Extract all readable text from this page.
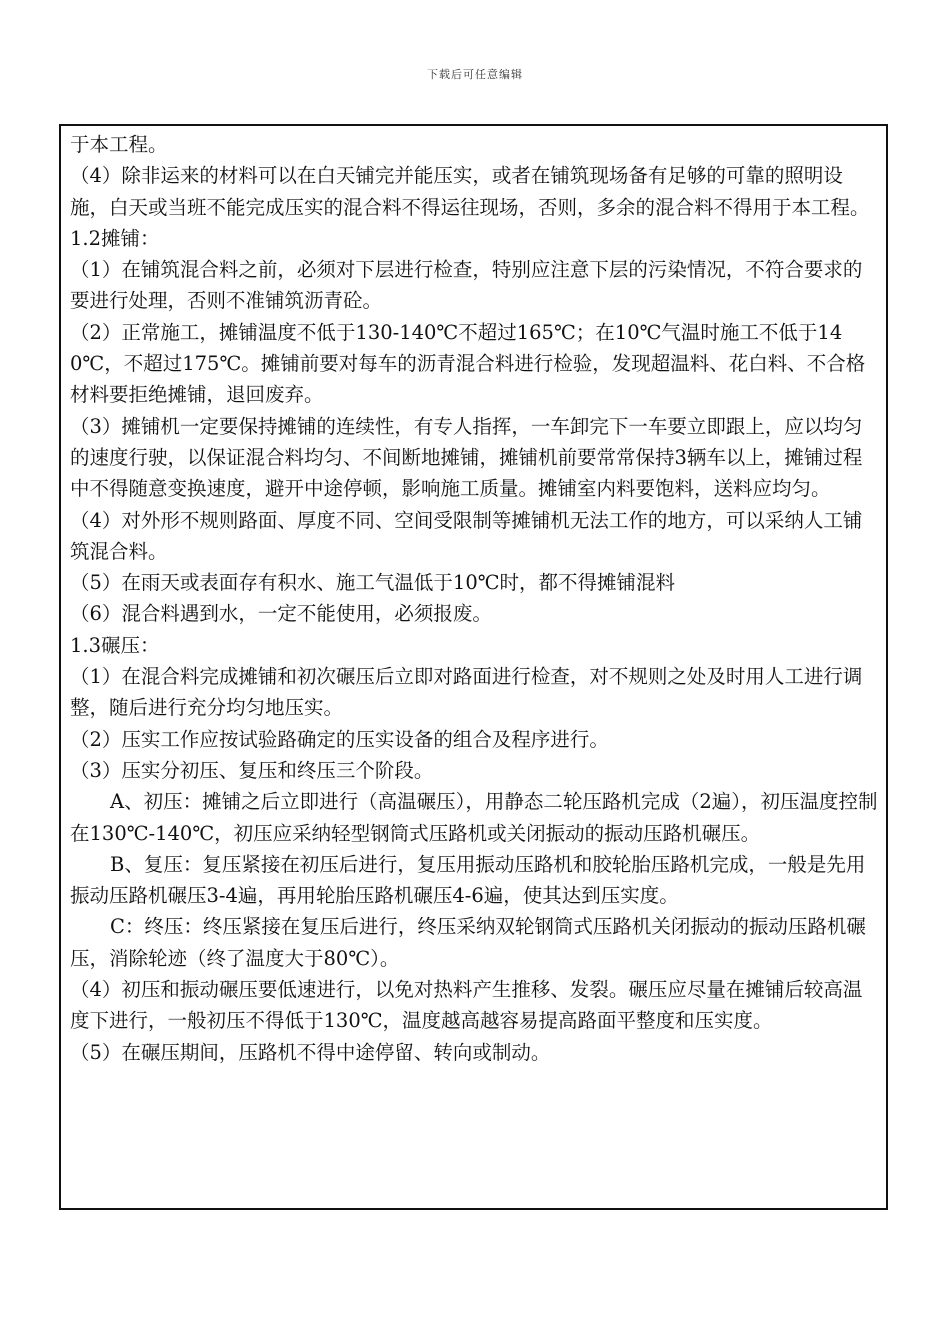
下载后可任意编辑

于本工程。

（4）除非运来的材料可以在白天铺完并能压实，或者在铺筑现场备有足够的可靠的照明设施，白天或当班不能完成压实的混合料不得运往现场，否则，多余的混合料不得用于本工程。

1.2摊铺：

（1）在铺筑混合料之前，必须对下层进行检查，特别应注意下层的污染情况，不符合要求的要进行处理，否则不准铺筑沥青砼。

（2）正常施工，摊铺温度不低于130-140℃不超过165℃；在10℃气温时施工不低于140℃，不超过175℃。摊铺前要对每车的沥青混合料进行检验，发现超温料、花白料、不合格材料要拒绝摊铺，退回废弃。

（3）摊铺机一定要保持摊铺的连续性，有专人指挥，一车卸完下一车要立即跟上，应以均匀的速度行驶，以保证混合料均匀、不间断地摊铺，摊铺机前要常常保持3辆车以上，摊铺过程中不得随意变换速度，避开中途停顿，影响施工质量。摊铺室内料要饱料，送料应均匀。

（4）对外形不规则路面、厚度不同、空间受限制等摊铺机无法工作的地方，可以采纳人工铺筑混合料。

（5）在雨天或表面存有积水、施工气温低于10℃时，都不得摊铺混料

（6）混合料遇到水，一定不能使用，必须报废。

1.3碾压：

（1）在混合料完成摊铺和初次碾压后立即对路面进行检查，对不规则之处及时用人工进行调整，随后进行充分均匀地压实。

（2）压实工作应按试验路确定的压实设备的组合及程序进行。

（3）压实分初压、复压和终压三个阶段。

A、初压：摊铺之后立即进行（高温碾压），用静态二轮压路机完成（2遍），初压温度控制在130℃-140℃，初压应采纳轻型钢筒式压路机或关闭振动的振动压路机碾压。

B、复压：复压紧接在初压后进行，复压用振动压路机和胶轮胎压路机完成，一般是先用振动压路机碾压3-4遍，再用轮胎压路机碾压4-6遍，使其达到压实度。

C：终压：终压紧接在复压后进行，终压采纳双轮钢筒式压路机关闭振动的振动压路机碾压，消除轮迹（终了温度大于80℃）。

（4）初压和振动碾压要低速进行，以免对热料产生推移、发裂。碾压应尽量在摊铺后较高温度下进行，一般初压不得低于130℃，温度越高越容易提高路面平整度和压实度。

（5）在碾压期间，压路机不得中途停留、转向或制动。
